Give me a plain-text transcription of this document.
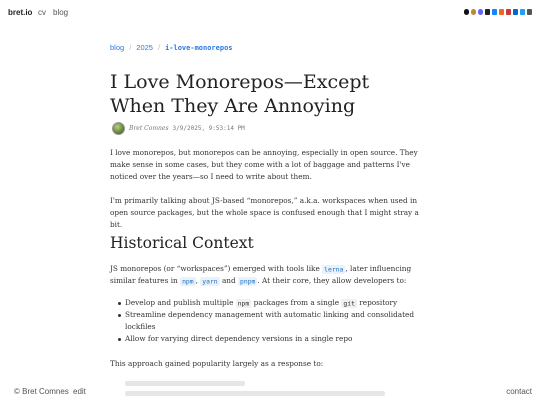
bret.io cv blog
blog / 2025 / i-love-monorepos
I Love Monorepos—Except When They Are Annoying
Bret Comnes 3/9/2025, 9:53:14 PM

I love monorepos, but monorepos can be annoying, especially in open source. They make sense in some cases, but they come with a lot of baggage and patterns I've noticed over the years—so I need to write about them.

I'm primarily talking about JS-based “monorepos,” a.k.a. workspaces when used in open source packages, but the whole space is confused enough that I might stray a bit.

Historical Context

JS monorepos (or “workspaces”) emerged with tools like lerna , later influencing similar features in npm , yarn and pnpm . At their core, they allow developers to:

Develop and publish multiple npm packages from a single git repository
Streamline dependency management with automatic linking and consolidated lockfiles
Allow for varying direct dependency versions in a single repo

This approach gained popularity largely as a response to:

© Bret Comnes edit	contact
